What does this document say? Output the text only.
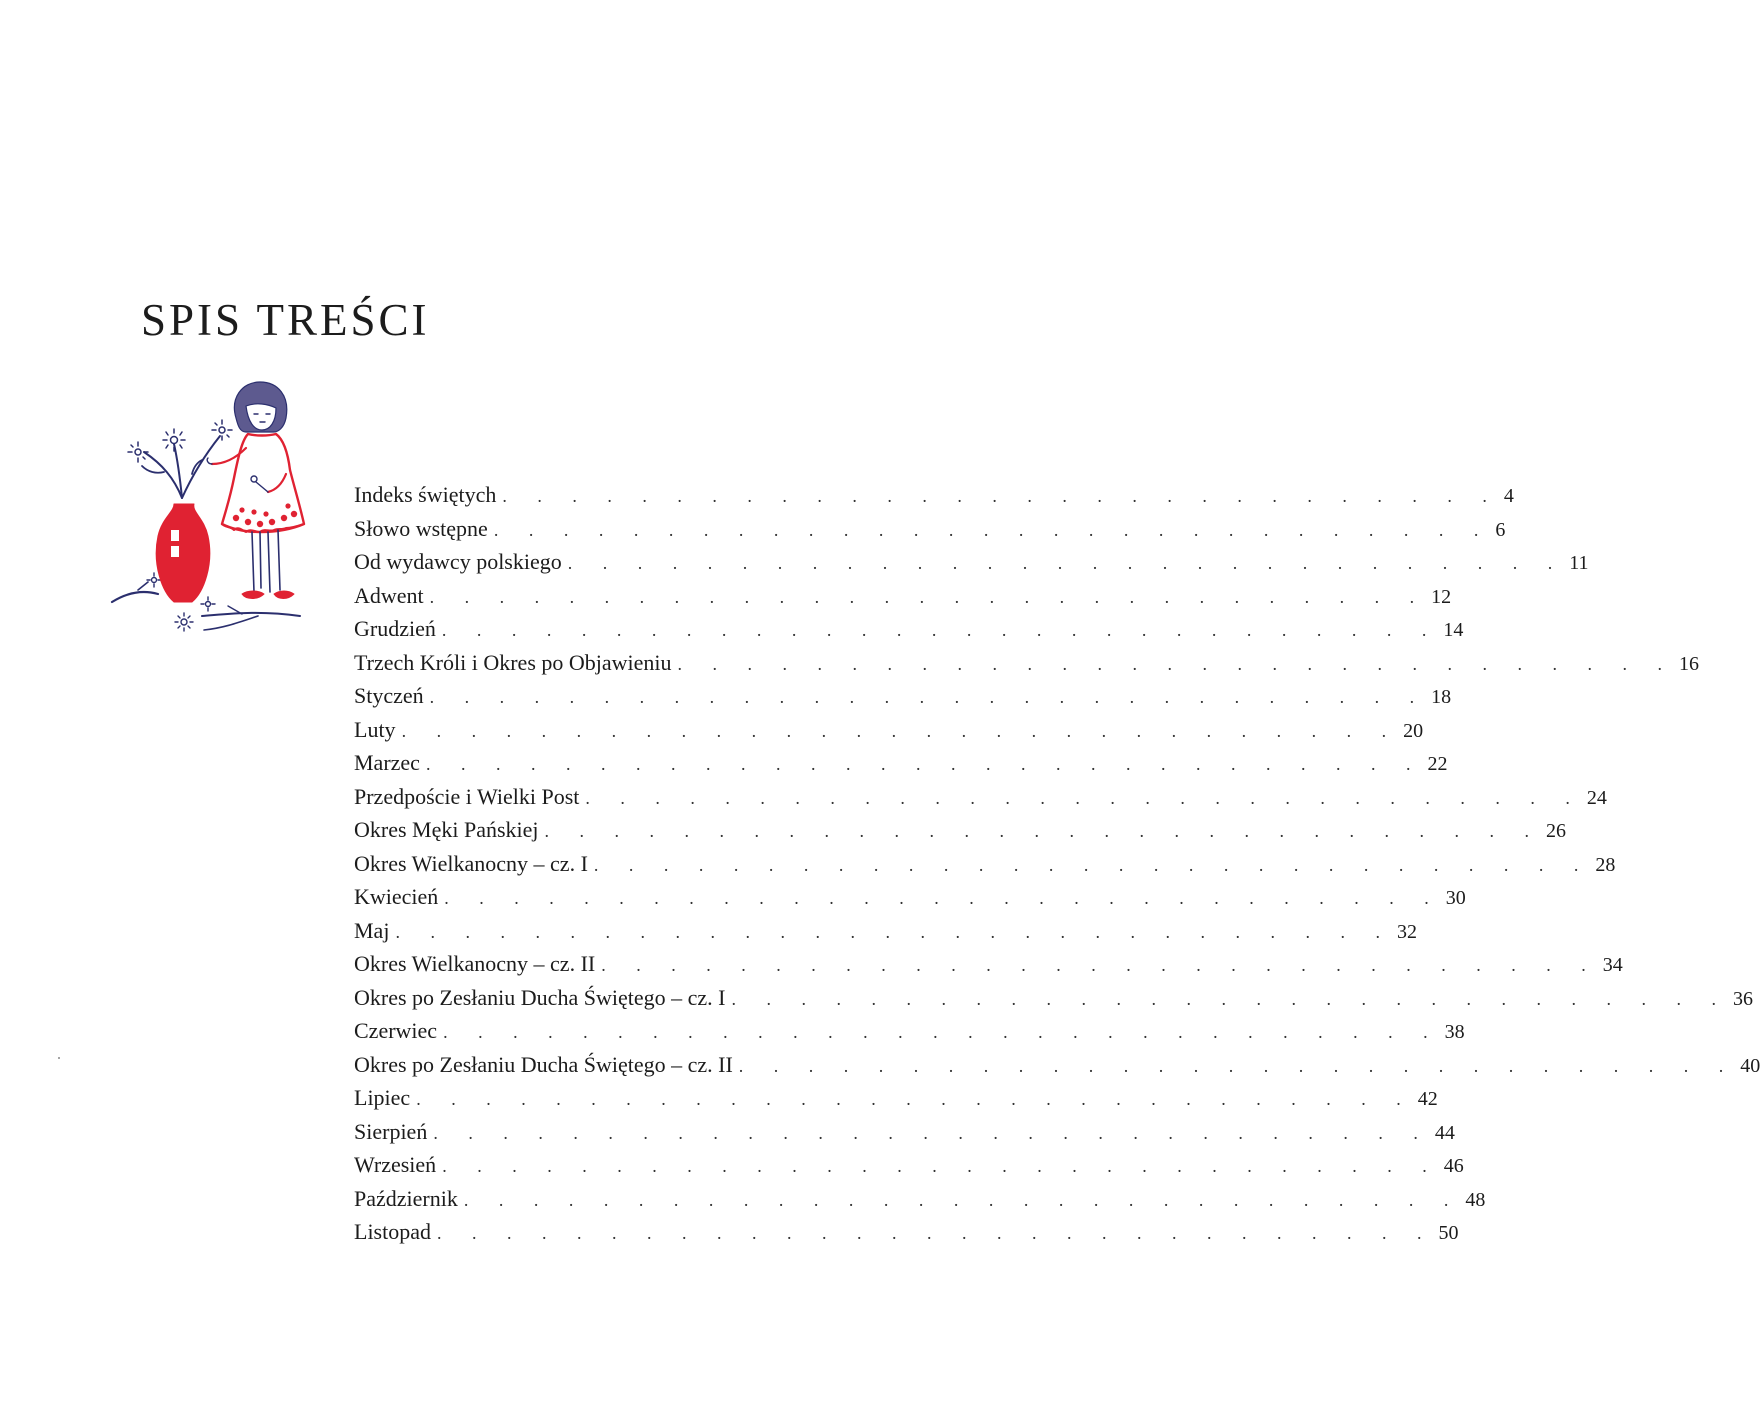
SPIS TREŚCI
Indeks świętych . . . . . . . . . . . . . . . . . . . . . . . . . . . . . 4
Słowo wstępne . . . . . . . . . . . . . . . . . . . . . . . . . . . . . 6
Od wydawcy polskiego . . . . . . . . . . . . . . . . . . . . . . . . . . . . . 11
Adwent . . . . . . . . . . . . . . . . . . . . . . . . . . . . . 12
Grudzień . . . . . . . . . . . . . . . . . . . . . . . . . . . . . 14
Trzech Króli i Okres po Objawieniu . . . . . . . . . . . . . . . . . . . . . . . . . . . . . 16
Styczeń . . . . . . . . . . . . . . . . . . . . . . . . . . . . . 18
Luty . . . . . . . . . . . . . . . . . . . . . . . . . . . . . 20
Marzec . . . . . . . . . . . . . . . . . . . . . . . . . . . . . 22
Przedpoście i Wielki Post . . . . . . . . . . . . . . . . . . . . . . . . . . . . . 24
Okres Męki Pańskiej . . . . . . . . . . . . . . . . . . . . . . . . . . . . . 26
Okres Wielkanocny – cz. I . . . . . . . . . . . . . . . . . . . . . . . . . . . . . 28
Kwiecień . . . . . . . . . . . . . . . . . . . . . . . . . . . . . 30
Maj . . . . . . . . . . . . . . . . . . . . . . . . . . . . . 32
Okres Wielkanocny – cz. II . . . . . . . . . . . . . . . . . . . . . . . . . . . . . 34
Okres po Zesłaniu Ducha Świętego – cz. I . . . . . . . . . . . . . . . . . . . . . . . . . . . . . 36
Czerwiec . . . . . . . . . . . . . . . . . . . . . . . . . . . . . 38
Okres po Zesłaniu Ducha Świętego – cz. II . . . . . . . . . . . . . . . . . . . . . . . . . . . . . 40
Lipiec . . . . . . . . . . . . . . . . . . . . . . . . . . . . . 42
Sierpień . . . . . . . . . . . . . . . . . . . . . . . . . . . . . 44
Wrzesień . . . . . . . . . . . . . . . . . . . . . . . . . . . . . 46
Październik . . . . . . . . . . . . . . . . . . . . . . . . . . . . . 48
Listopad . . . . . . . . . . . . . . . . . . . . . . . . . . . . . 50
